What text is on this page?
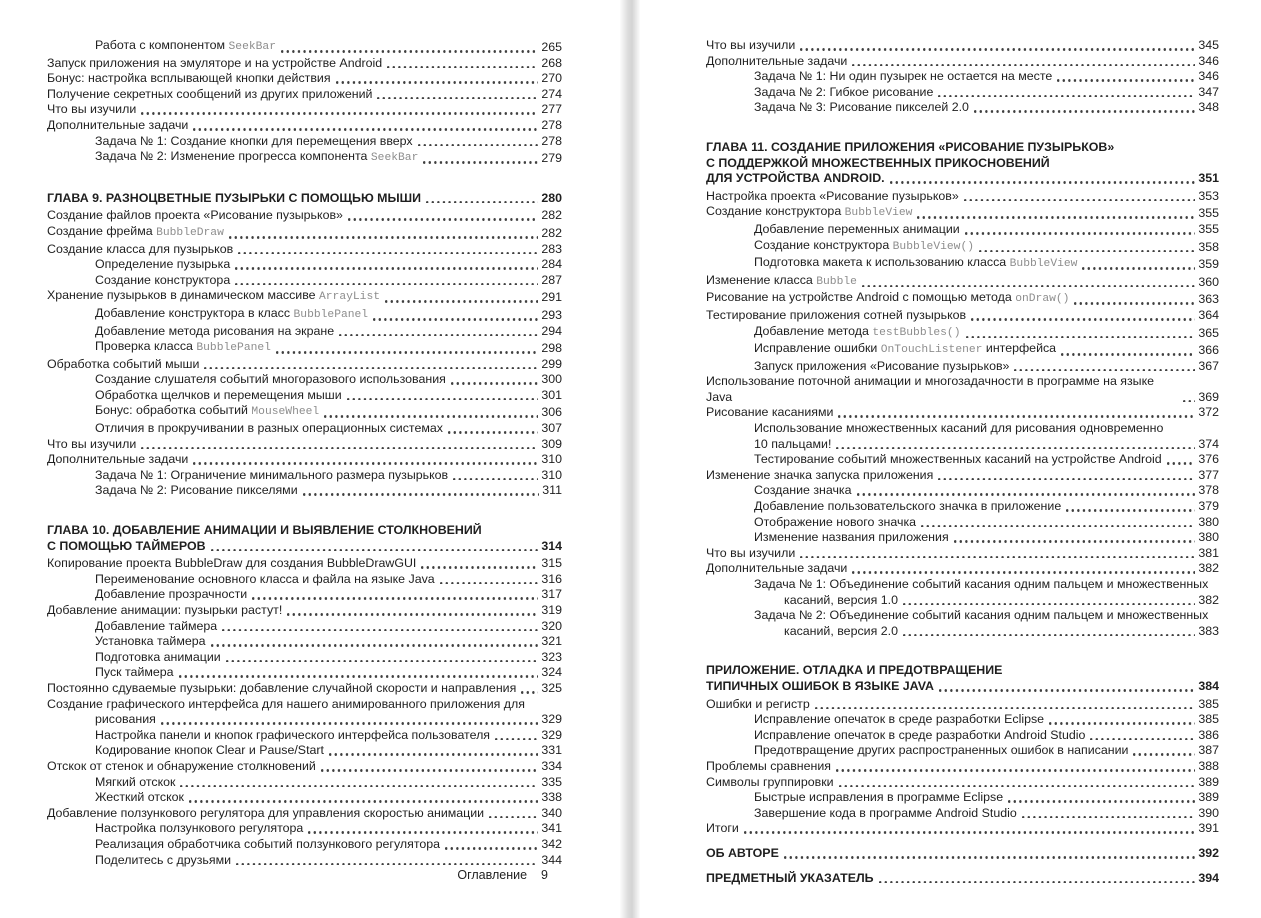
Работа с компонентом SeekBar	265
Запуск приложения на эмуляторе и на устройстве Android	268
Бонус: настройка всплывающей кнопки действия	270
Получение секретных сообщений из других приложений	274
Что вы изучили	277
Дополнительные задачи	278
Задача № 1: Создание кнопки для перемещения вверх	278
Задача № 2: Изменение прогресса компонента SeekBar	279
ГЛАВА 9. РАЗНОЦВЕТНЫЕ ПУЗЫРЬКИ С ПОМОЩЬЮ МЫШИ	280
Создание файлов проекта «Рисование пузырьков»	282
Создание фрейма BubbleDraw	282
Создание класса для пузырьков	283
Определение пузырька	284
Создание конструктора	287
Хранение пузырьков в динамическом массиве ArrayList	291
Добавление конструктора в класс BubblePanel	293
Добавление метода рисования на экране	294
Проверка класса BubblePanel	298
Обработка событий мыши	299
Создание слушателя событий многоразового использования	300
Обработка щелчков и перемещения мыши	301
Бонус: обработка событий MouseWheel	306
Отличия в прокручивании в разных операционных системах	307
Что вы изучили	309
Дополнительные задачи	310
Задача № 1: Ограничение минимального размера пузырьков	310
Задача № 2: Рисование пикселями	311
ГЛАВА 10. ДОБАВЛЕНИЕ АНИМАЦИИ И ВЫЯВЛЕНИЕ СТОЛКНОВЕНИЙ
С ПОМОЩЬЮ ТАЙМЕРОВ	314
Копирование проекта BubbleDraw для создания BubbleDrawGUI	315
Переименование основного класса и файла на языке Java	316
Добавление прозрачности	317
Добавление анимации: пузырьки растут!	319
Добавление таймера	320
Установка таймера	321
Подготовка анимации	323
Пуск таймера	324
Постоянно сдуваемые пузырьки: добавление случайной скорости и направления 325
Создание графического интерфейса для нашего анимированного приложения для
рисования	329
Настройка панели и кнопок графического интерфейса пользователя	329
Кодирование кнопок Clear и Pause/Start	331
Отскок от стенок и обнаружение столкновений	334
Мягкий отскок	335
Жесткий отскок	338
Добавление ползункового регулятора для управления скоростью анимации	340
Настройка ползункового регулятора	341
Реализация обработчика событий ползункового регулятора	342
Поделитесь с друзьями	344
Оглавление 9
Что вы изучили	345
Дополнительные задачи	346
Задача № 1: Ни один пузырек не остается на месте	346
Задача № 2: Гибкое рисование	347
Задача № 3: Рисование пикселей 2.0	348
ГЛАВА 11. СОЗДАНИЕ ПРИЛОЖЕНИЯ «РИСОВАНИЕ ПУЗЫРЬКОВ»
С ПОДДЕРЖКОЙ МНОЖЕСТВЕННЫХ ПРИКОСНОВЕНИЙ
ДЛЯ УСТРОЙСТВА ANDROID.	351
Настройка проекта «Рисование пузырьков»	353
Создание конструктора BubbleView	355
Добавление переменных анимации	355
Создание конструктора BubbleView()	358
Подготовка макета к использованию класса BubbleView	359
Изменение класса Bubble	360
Рисование на устройстве Android с помощью метода onDraw()	363
Тестирование приложения сотней пузырьков	364
Добавление метода testBubbles()	365
Исправление ошибки OnTouchListener интерфейса	366
Запуск приложения «Рисование пузырьков»	367
Использование поточной анимации и многозадачности в программе на языке Java	369
Рисование касаниями	372
Использование множественных касаний для рисования одновременно
10 пальцами!	374
Тестирование событий множественных касаний на устройстве Android	376
Изменение значка запуска приложения	377
Создание значка	378
Добавление пользовательского значка в приложение	379
Отображение нового значка	380
Изменение названия приложения	380
Что вы изучили	381
Дополнительные задачи	382
Задача № 1: Объединение событий касания одним пальцем и множественных
касаний, версия 1.0	382
Задача № 2: Объединение событий касания одним пальцем и множественных
касаний, версия 2.0	383
ПРИЛОЖЕНИЕ. ОТЛАДКА И ПРЕДОТВРАЩЕНИЕ
ТИПИЧНЫХ ОШИБОК В ЯЗЫКЕ JAVA	384
Ошибки и регистр	385
Исправление опечаток в среде разработки Eclipse	385
Исправление опечаток в среде разработки Android Studio	386
Предотвращение других распространенных ошибок в написании	387
Проблемы сравнения	388
Символы группировки	389
Быстрые исправления в программе Eclipse	389
Завершение кода в программе Android Studio	390
Итоги	391
ОБ АВТОРЕ	392
ПРЕДМЕТНЫЙ УКАЗАТЕЛЬ	394
